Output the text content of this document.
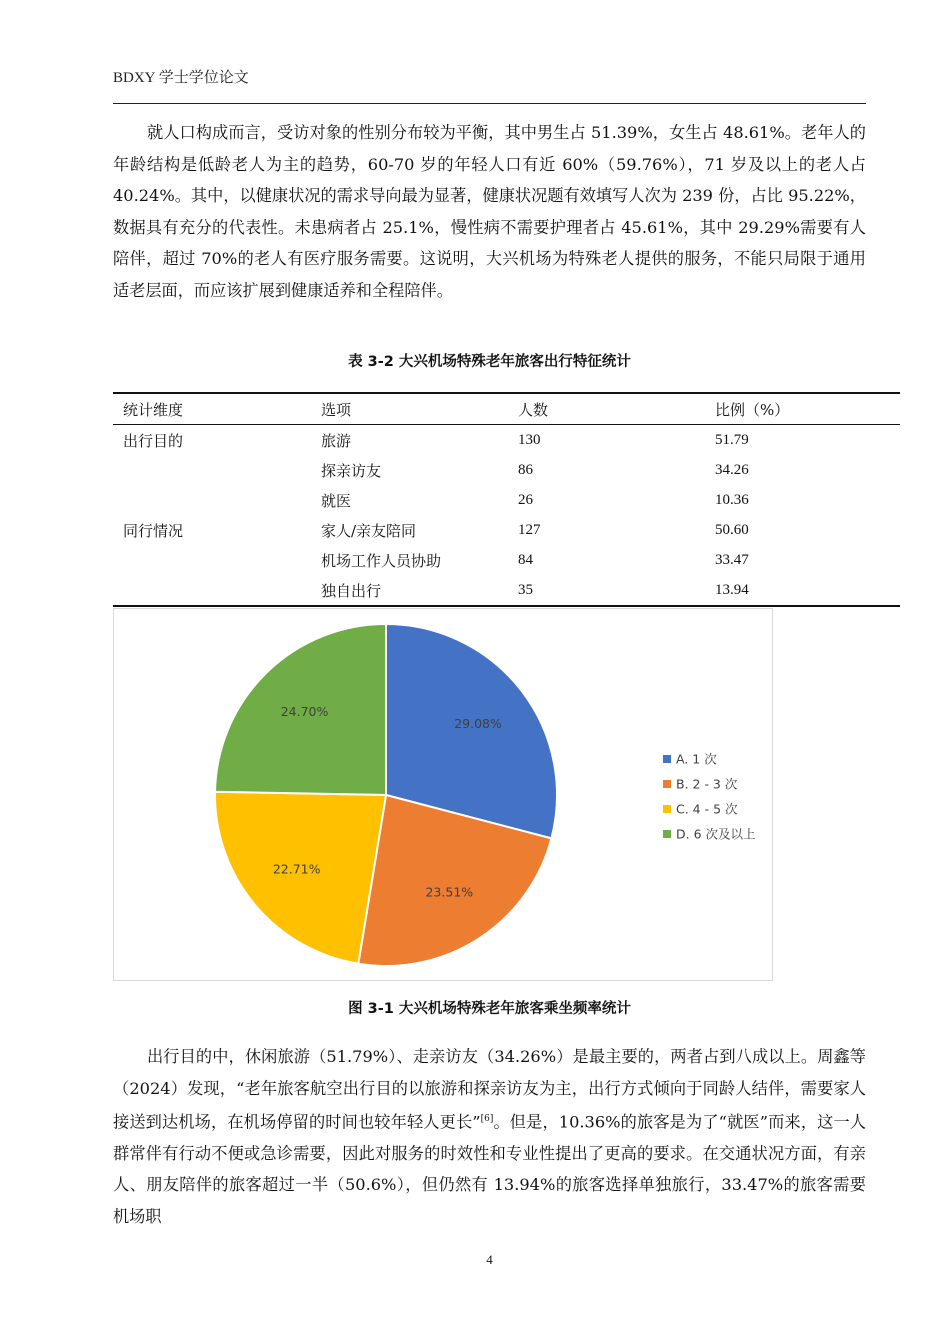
BDXY 学士学位论文

就人口构成而言，受访对象的性别分布较为平衡，其中男生占 51.39%，女生占 48.61%。老年人的年龄结构是低龄老人为主的趋势，60-70 岁的年轻人口有近 60%（59.76%），71 岁及以上的老人占 40.24%。其中，以健康状况的需求导向最为显著，健康状况题有效填写人次为 239 份，占比 95.22%，数据具有充分的代表性。未患病者占 25.1%，慢性病不需要护理者占 45.61%，其中 29.29%需要有人陪伴，超过 70%的老人有医疗服务需要。这说明，大兴机场为特殊老人提供的服务，不能只局限于通用适老层面，而应该扩展到健康适养和全程陪伴。

表 3-2 大兴机场特殊老年旅客出行特征统计
统计维度	选项	人数	比例（%）
出行目的	旅游	130	51.79
	探亲访友	86	34.26
	就医	26	10.36
同行情况	家人/亲友陪同	127	50.60
	机场工作人员协助	84	33.47
	独自出行	35	13.94
29.08%
23.51%
22.71%
24.70%
A. 1 次
B. 2 - 3 次
C. 4 - 5 次
D. 6 次及以上
图 3-1 大兴机场特殊老年旅客乘坐频率统计

出行目的中，休闲旅游（51.79%）、走亲访友（34.26%）是最主要的，两者占到八成以上。周鑫等（2024）发现，“老年旅客航空出行目的以旅游和探亲访友为主，出行方式倾向于同龄人结伴，需要家人接送到达机场，在机场停留的时间也较年轻人更长”[6]。但是，10.36%的旅客是为了“就医”而来，这一人群常伴有行动不便或急诊需要，因此对服务的时效性和专业性提出了更高的要求。在交通状况方面，有亲人、朋友陪伴的旅客超过一半（50.6%），但仍然有 13.94%的旅客选择单独旅行，33.47%的旅客需要机场职

4
